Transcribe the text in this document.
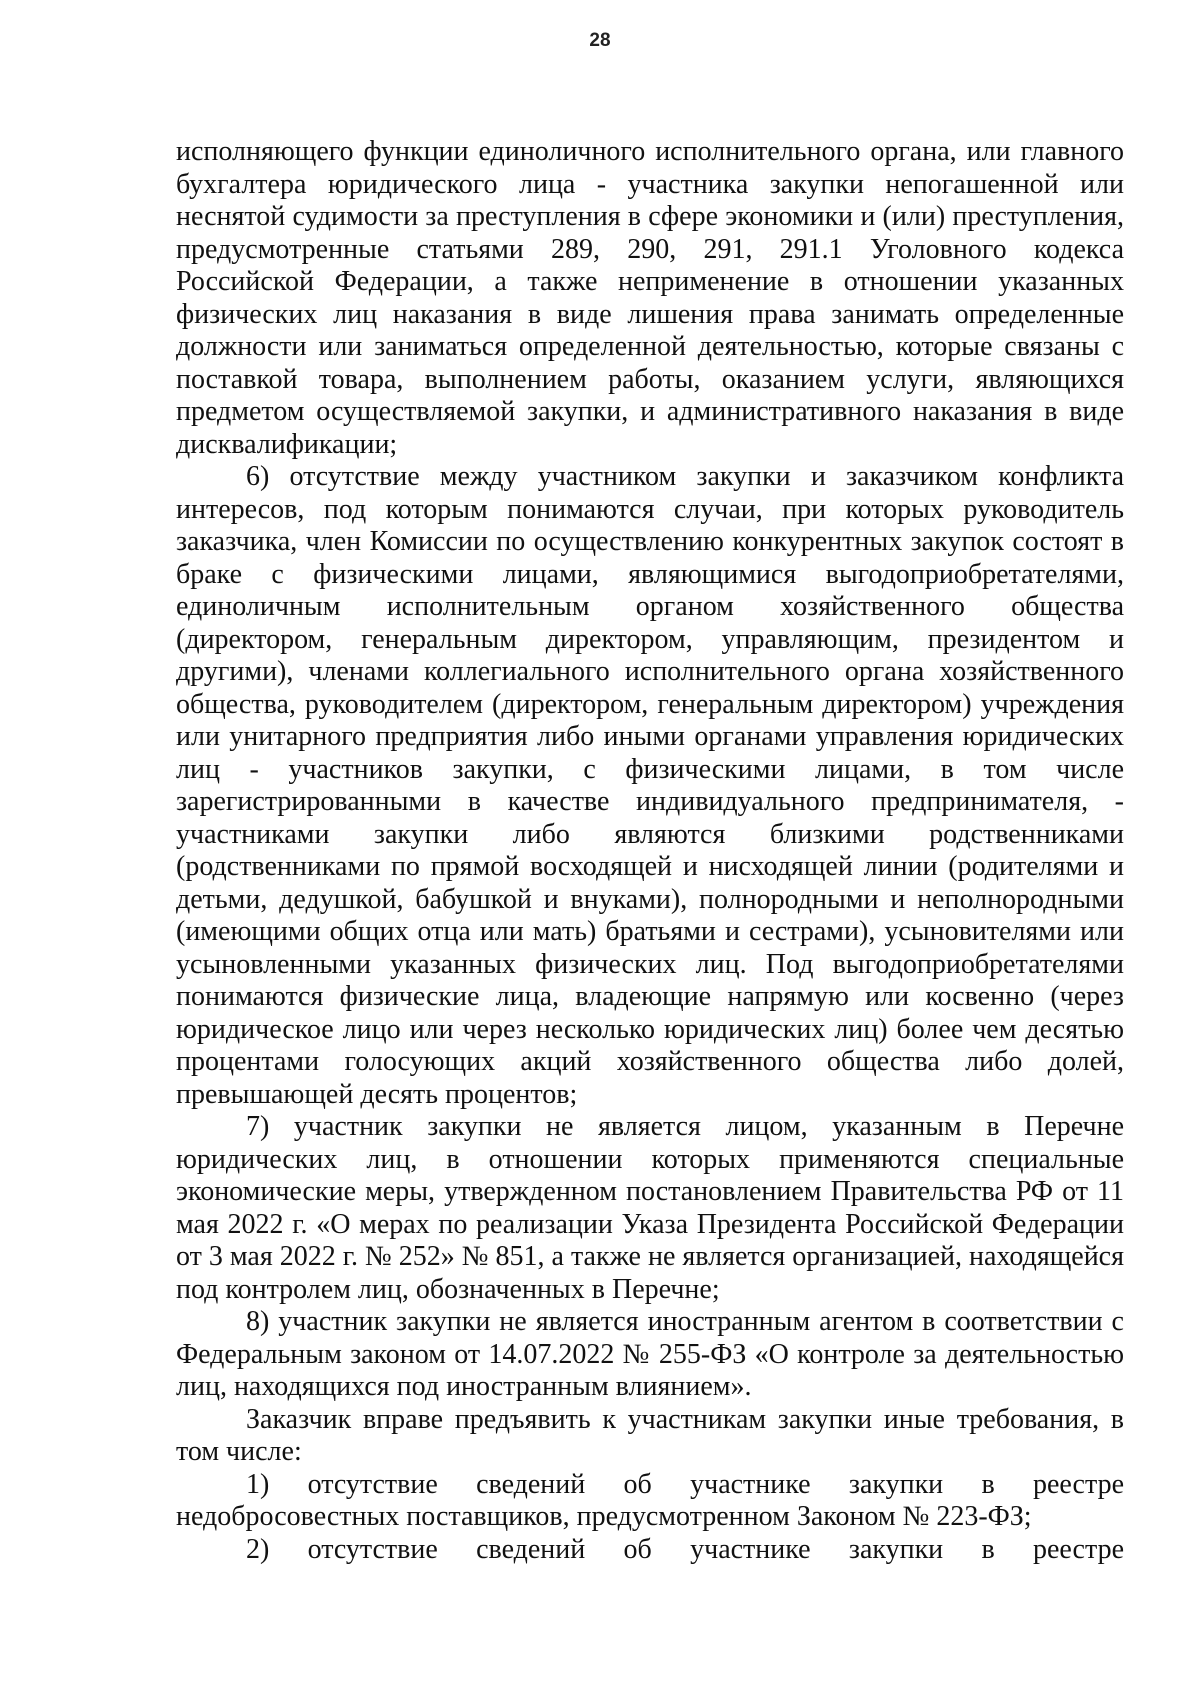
28

исполняющего функции единоличного исполнительного органа, или главного бухгалтера юридического лица - участника закупки непогашенной или неснятой судимости за преступления в сфере экономики и (или) преступления, предусмотренные статьями 289, 290, 291, 291.1 Уголовного кодекса Российской Федерации, а также неприменение в отношении указанных физических лиц наказания в виде лишения права занимать определенные должности или заниматься определенной деятельностью, которые связаны с поставкой товара, выполнением работы, оказанием услуги, являющихся предметом осуществляемой закупки, и административного наказания в виде дисквалификации;

6) отсутствие между участником закупки и заказчиком конфликта интересов, под которым понимаются случаи, при которых руководитель заказчика, член Комиссии по осуществлению конкурентных закупок состоят в браке с физическими лицами, являющимися выгодоприобретателями, единоличным исполнительным органом хозяйственного общества (директором, генеральным директором, управляющим, президентом и другими), членами коллегиального исполнительного органа хозяйственного общества, руководителем (директором, генеральным директором) учреждения или унитарного предприятия либо иными органами управления юридических лиц - участников закупки, с физическими лицами, в том числе зарегистрированными в качестве индивидуального предпринимателя, - участниками закупки либо являются близкими родственниками (родственниками по прямой восходящей и нисходящей линии (родителями и детьми, дедушкой, бабушкой и внуками), полнородными и неполнородными (имеющими общих отца или мать) братьями и сестрами), усыновителями или усыновленными указанных физических лиц. Под выгодоприобретателями понимаются физические лица, владеющие напрямую или косвенно (через юридическое лицо или через несколько юридических лиц) более чем десятью процентами голосующих акций хозяйственного общества либо долей, превышающей десять процентов;

7) участник закупки не является лицом, указанным в Перечне юридических лиц, в отношении которых применяются специальные экономические меры, утвержденном постановлением Правительства РФ от 11 мая 2022 г. «О мерах по реализации Указа Президента Российской Федерации от 3 мая 2022 г. № 252» № 851, а также не является организацией, находящейся под контролем лиц, обозначенных в Перечне;

8) участник закупки не является иностранным агентом в соответствии с Федеральным законом от 14.07.2022 № 255-ФЗ «О контроле за деятельностью лиц, находящихся под иностранным влиянием».

Заказчик вправе предъявить к участникам закупки иные требования, в том числе:

1) отсутствие сведений об участнике закупки в реестре недобросовестных поставщиков, предусмотренном Законом № 223-ФЗ;

2) отсутствие сведений об участнике закупки в реестре
